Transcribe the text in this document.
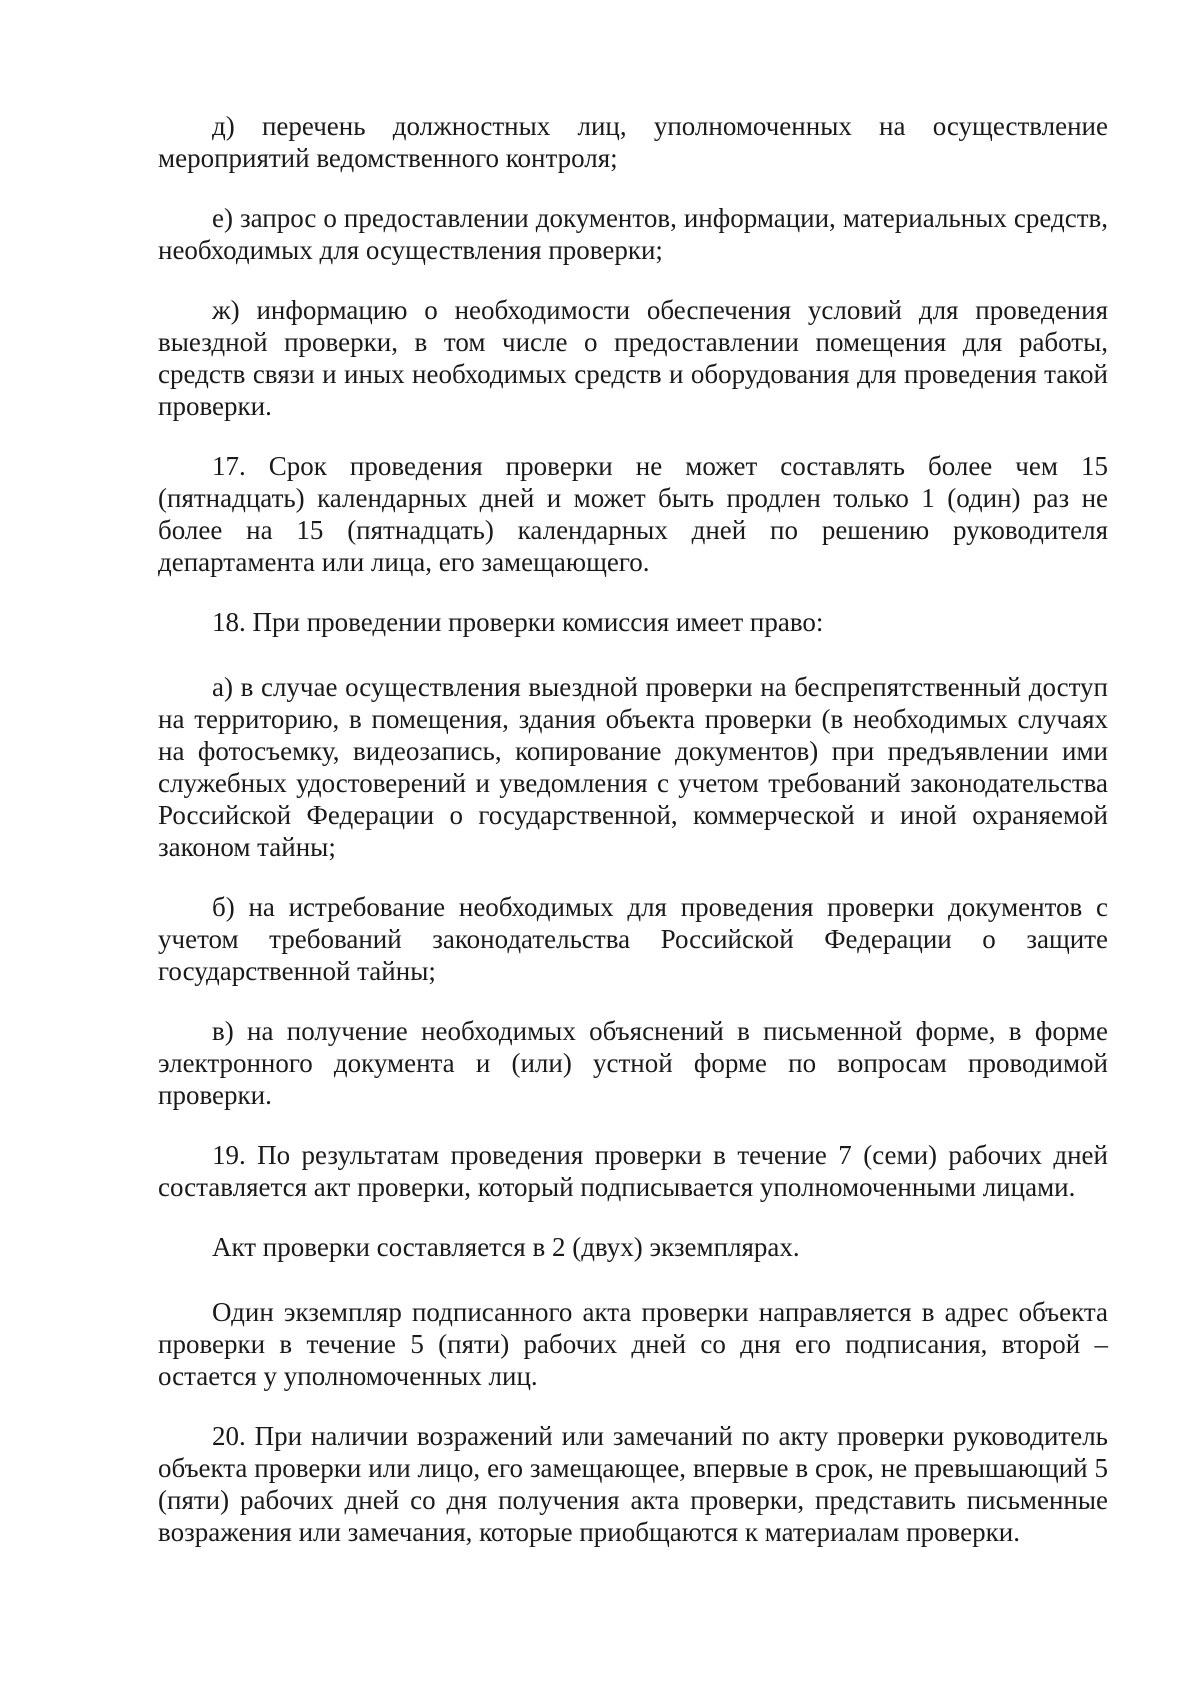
д) перечень должностных лиц, уполномоченных на осуществление мероприятий ведомственного контроля;

е) запрос о предоставлении документов, информации, материальных средств, необходимых для осуществления проверки;

ж) информацию о необходимости обеспечения условий для проведения выездной проверки, в том числе о предоставлении помещения для работы, средств связи и иных необходимых средств и оборудования для проведения такой проверки.

17. Срок проведения проверки не может составлять более чем 15 (пятнадцать) календарных дней и может быть продлен только 1 (один) раз не более на 15 (пятнадцать) календарных дней по решению руководителя департамента или лица, его замещающего.

18. При проведении проверки комиссия имеет право:

а) в случае осуществления выездной проверки на беспрепятственный доступ на территорию, в помещения, здания объекта проверки (в необходимых случаях на фотосъемку, видеозапись, копирование документов) при предъявлении ими служебных удостоверений и уведомления с учетом требований законодательства Российской Федерации о государственной, коммерческой и иной охраняемой законом тайны;

б) на истребование необходимых для проведения проверки документов с учетом требований законодательства Российской Федерации о защите государственной тайны;

в) на получение необходимых объяснений в письменной форме, в форме электронного документа и (или) устной форме по вопросам проводимой проверки.

19. По результатам проведения проверки в течение 7 (семи) рабочих дней составляется акт проверки, который подписывается уполномоченными лицами.

Акт проверки составляется в 2 (двух) экземплярах.

Один экземпляр подписанного акта проверки направляется в адрес объекта проверки в течение 5 (пяти) рабочих дней со дня его подписания, второй – остается у уполномоченных лиц.

20. При наличии возражений или замечаний по акту проверки руководитель объекта проверки или лицо, его замещающее, впервые в срок, не превышающий 5 (пяти) рабочих дней со дня получения акта проверки, представить письменные возражения или замечания, которые приобщаются к материалам проверки.
